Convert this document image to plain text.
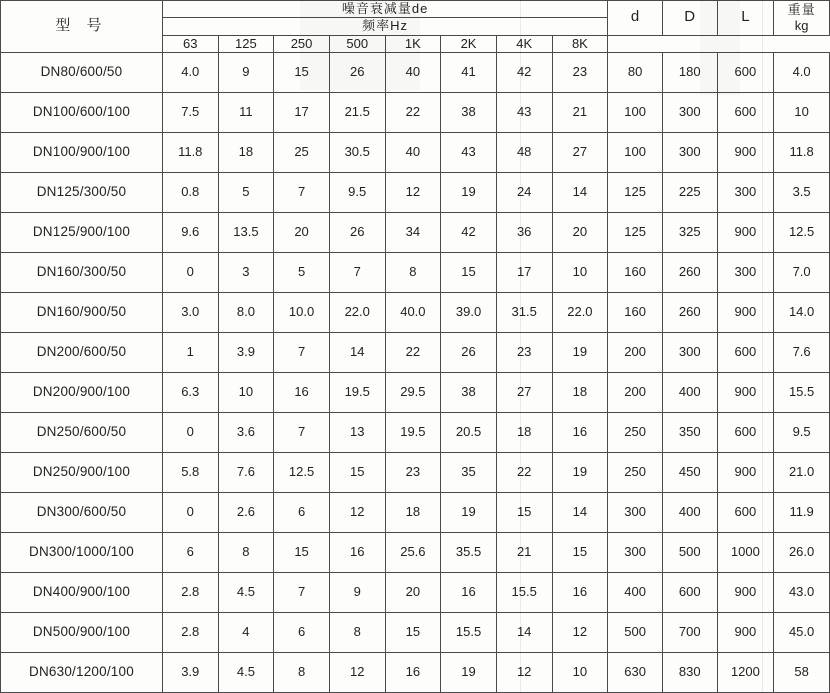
型 号	噪音衰减量de								d	D	L	重量
kg

	频率Hz											
	63	125	250	500	1K	2K	4K	8K				
DN80/600/50	4.0	9	15	26	40	41	42	23	80	180	600	4.0
DN100/600/100	7.5	11	17	21.5	22	38	43	21	100	300	600	10
DN100/900/100	11.8	18	25	30.5	40	43	48	27	100	300	900	11.8
DN125/300/50	0.8	5	7	9.5	12	19	24	14	125	225	300	3.5
DN125/900/100	9.6	13.5	20	26	34	42	36	20	125	325	900	12.5
DN160/300/50	0	3	5	7	8	15	17	10	160	260	300	7.0
DN160/900/50	3.0	8.0	10.0	22.0	40.0	39.0	31.5	22.0	160	260	900	14.0
DN200/600/50	1	3.9	7	14	22	26	23	19	200	300	600	7.6
DN200/900/100	6.3	10	16	19.5	29.5	38	27	18	200	400	900	15.5
DN250/600/50	0	3.6	7	13	19.5	20.5	18	16	250	350	600	9.5
DN250/900/100	5.8	7.6	12.5	15	23	35	22	19	250	450	900	21.0
DN300/600/50	0	2.6	6	12	18	19	15	14	300	400	600	11.9
DN300/1000/100	6	8	15	16	25.6	35.5	21	15	300	500	1000	26.0
DN400/900/100	2.8	4.5	7	9	20	16	15.5	16	400	600	900	43.0
DN500/900/100	2.8	4	6	8	15	15.5	14	12	500	700	900	45.0
DN630/1200/100	3.9	4.5	8	12	16	19	12	10	630	830	1200	58
